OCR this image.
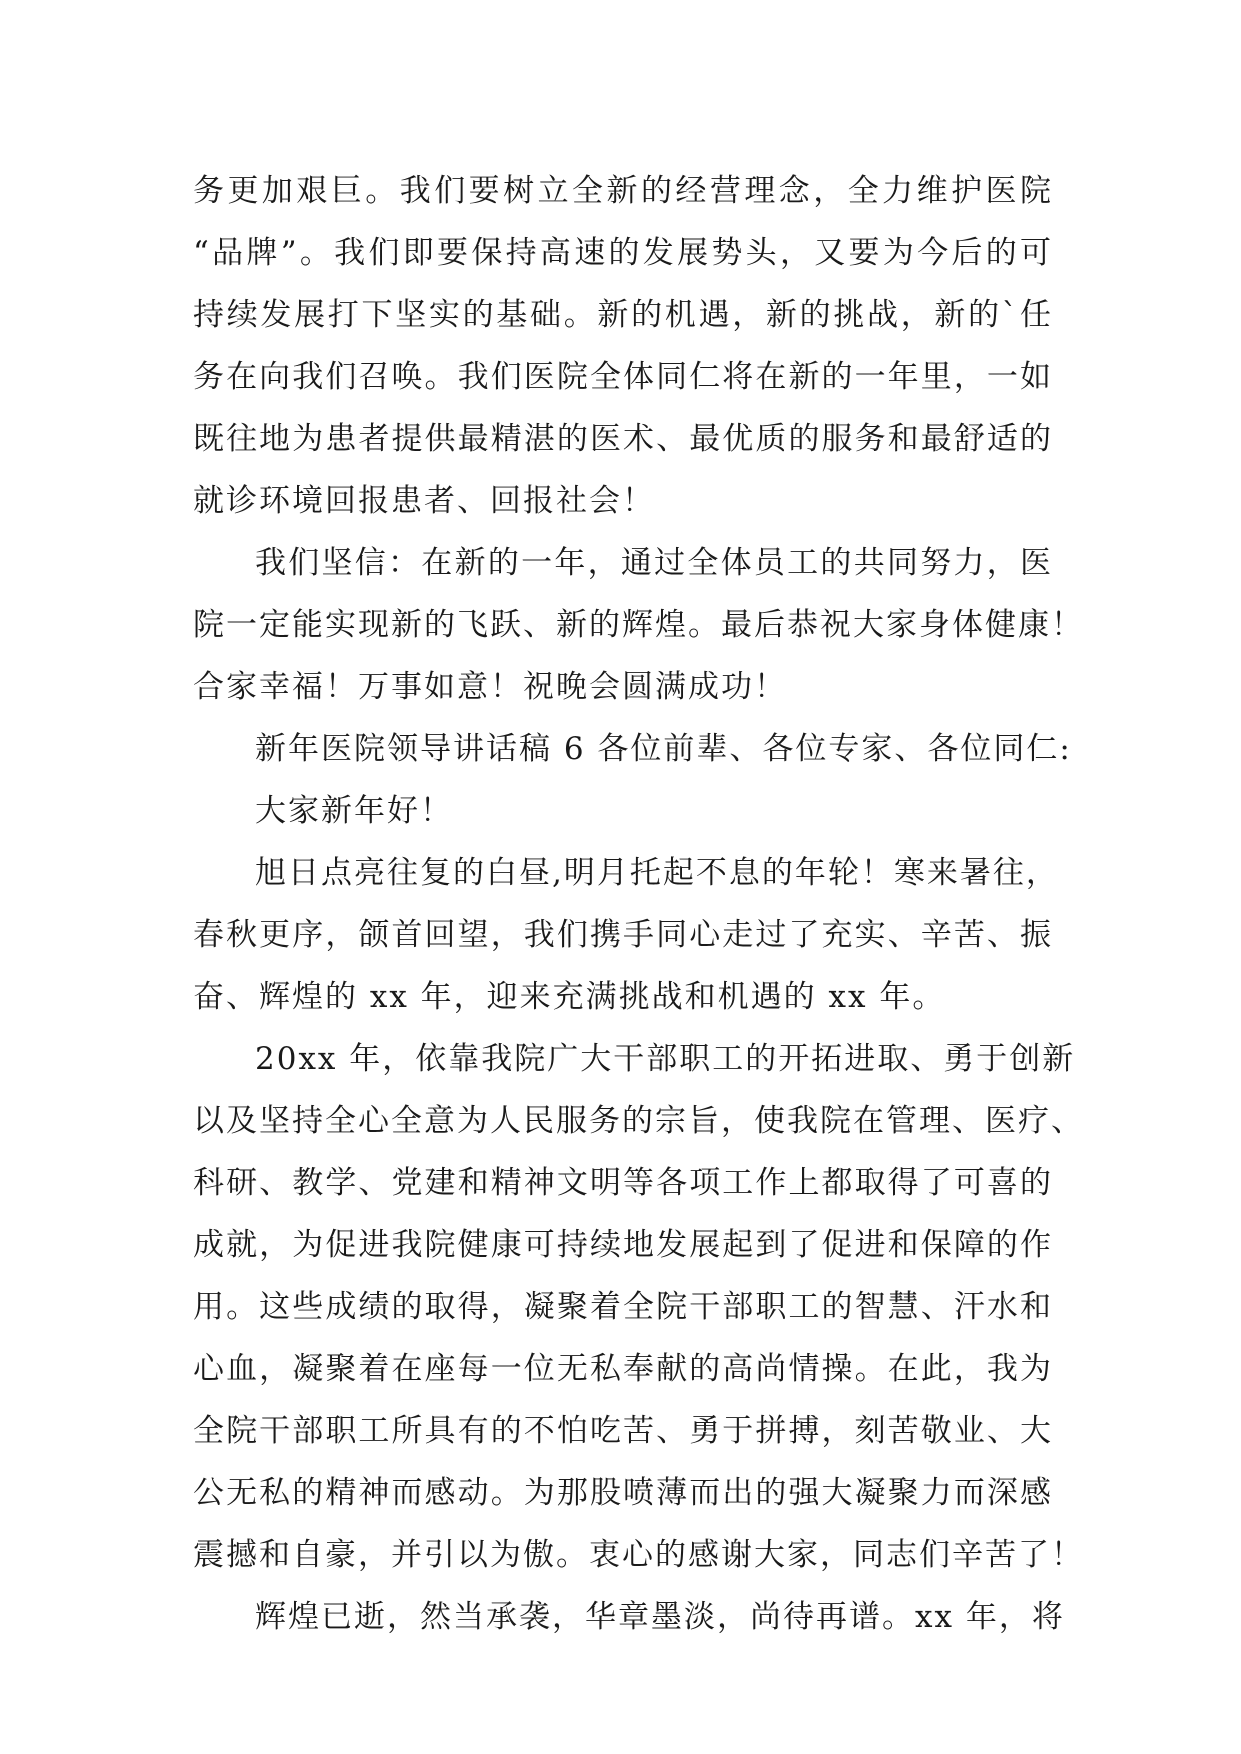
务更加艰巨。我们要树立全新的经营理念，全力维护医院
“品牌”。我们即要保持高速的发展势头，又要为今后的可
持续发展打下坚实的基础。新的机遇，新的挑战，新的`任
务在向我们召唤。我们医院全体同仁将在新的一年里，一如
既往地为患者提供最精湛的医术、最优质的服务和最舒适的
就诊环境回报患者、回报社会！
我们坚信：在新的一年，通过全体员工的共同努力，医
院一定能实现新的飞跃、新的辉煌。最后恭祝大家身体健康！
合家幸福！万事如意！祝晚会圆满成功！
新年医院领导讲话稿 6 各位前辈、各位专家、各位同仁:
大家新年好！
旭日点亮往复的白昼,明月托起不息的年轮！寒来暑往，
春秋更序，颌首回望，我们携手同心走过了充实、辛苦、振
奋、辉煌的 xx 年，迎来充满挑战和机遇的 xx 年。
20xx 年，依靠我院广大干部职工的开拓进取、勇于创新
以及坚持全心全意为人民服务的宗旨，使我院在管理、医疗、
科研、教学、党建和精神文明等各项工作上都取得了可喜的
成就，为促进我院健康可持续地发展起到了促进和保障的作
用。这些成绩的取得，凝聚着全院干部职工的智慧、汗水和
心血，凝聚着在座每一位无私奉献的高尚情操。在此，我为
全院干部职工所具有的不怕吃苦、勇于拼搏，刻苦敬业、大
公无私的精神而感动。为那股喷薄而出的强大凝聚力而深感
震撼和自豪，并引以为傲。衷心的感谢大家，同志们辛苦了！
辉煌已逝，然当承袭，华章墨淡，尚待再谱。xx 年，将
